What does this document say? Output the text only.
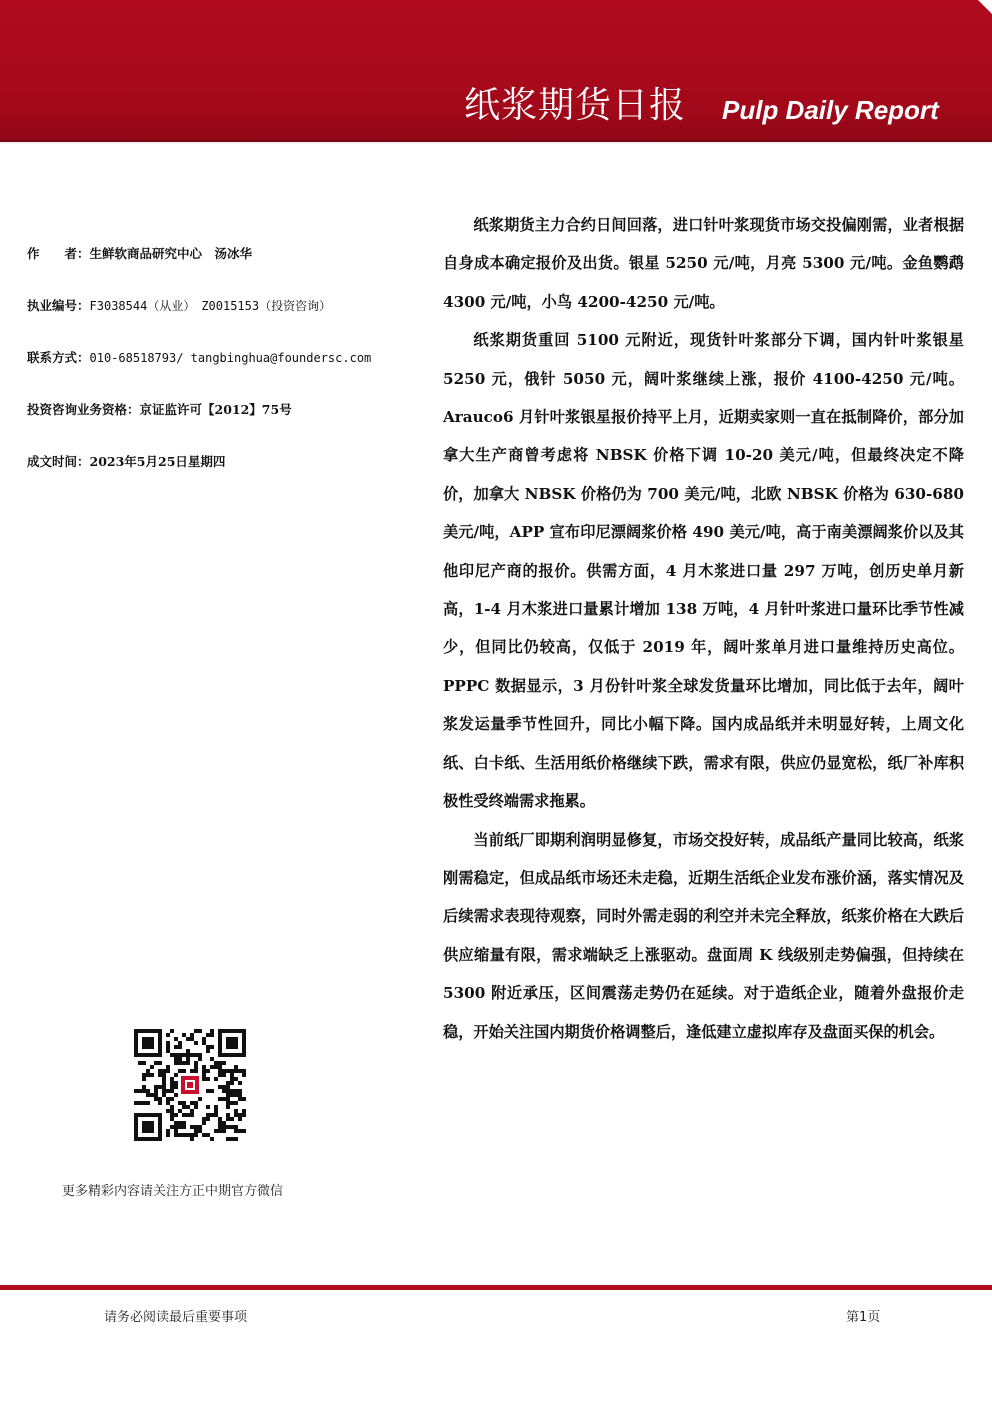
纸浆期货日报 Pulp Daily Report
作　　者：生鲜软商品研究中心　汤冰华
执业编号：F3038544（从业）　Z0015153（投资咨询）
联系方式：010-68518793/ tangbinghua@foundersc.com
投资咨询业务资格：京证监许可【2012】75号
成文时间：2023年5月25日星期四

纸浆期货主力合约日间回落，进口针叶浆现货市场交投偏刚需，业者根据自身成本确定报价及出货。银星 5250 元/吨，月亮 5300 元/吨。金鱼鹦鹉 4300 元/吨，小鸟 4200-4250 元/吨。

纸浆期货重回 5100 元附近，现货针叶浆部分下调，国内针叶浆银星 5250 元，俄针 5050 元，阔叶浆继续上涨，报价 4100-4250 元/吨。Arauco6 月针叶浆银星报价持平上月，近期卖家则一直在抵制降价，部分加拿大生产商曾考虑将 NBSK 价格下调 10-20 美元/吨，但最终决定不降价，加拿大 NBSK 价格仍为 700 美元/吨，北欧 NBSK 价格为 630-680 美元/吨，APP 宣布印尼漂阔浆价格 490 美元/吨，高于南美漂阔浆价以及其他印尼产商的报价。供需方面，4 月木浆进口量 297 万吨，创历史单月新高，1-4 月木浆进口量累计增加 138 万吨，4 月针叶浆进口量环比季节性减少，但同比仍较高，仅低于 2019 年，阔叶浆单月进口量维持历史高位。PPPC 数据显示，3 月份针叶浆全球发货量环比增加，同比低于去年，阔叶浆发运量季节性回升，同比小幅下降。国内成品纸并未明显好转，上周文化纸、白卡纸、生活用纸价格继续下跌，需求有限，供应仍显宽松，纸厂补库积极性受终端需求拖累。

当前纸厂即期利润明显修复，市场交投好转，成品纸产量同比较高，纸浆刚需稳定，但成品纸市场还未走稳，近期生活纸企业发布涨价涵，落实情况及后续需求表现待观察，同时外需走弱的利空并未完全释放，纸浆价格在大跌后供应缩量有限，需求端缺乏上涨驱动。盘面周 K 线级别走势偏强，但持续在 5300 附近承压，区间震荡走势仍在延续。对于造纸企业，随着外盘报价走稳，开始关注国内期货价格调整后，逢低建立虚拟库存及盘面买保的机会。

更多精彩内容请关注方正中期官方微信
请务必阅读最后重要事项	第1页
